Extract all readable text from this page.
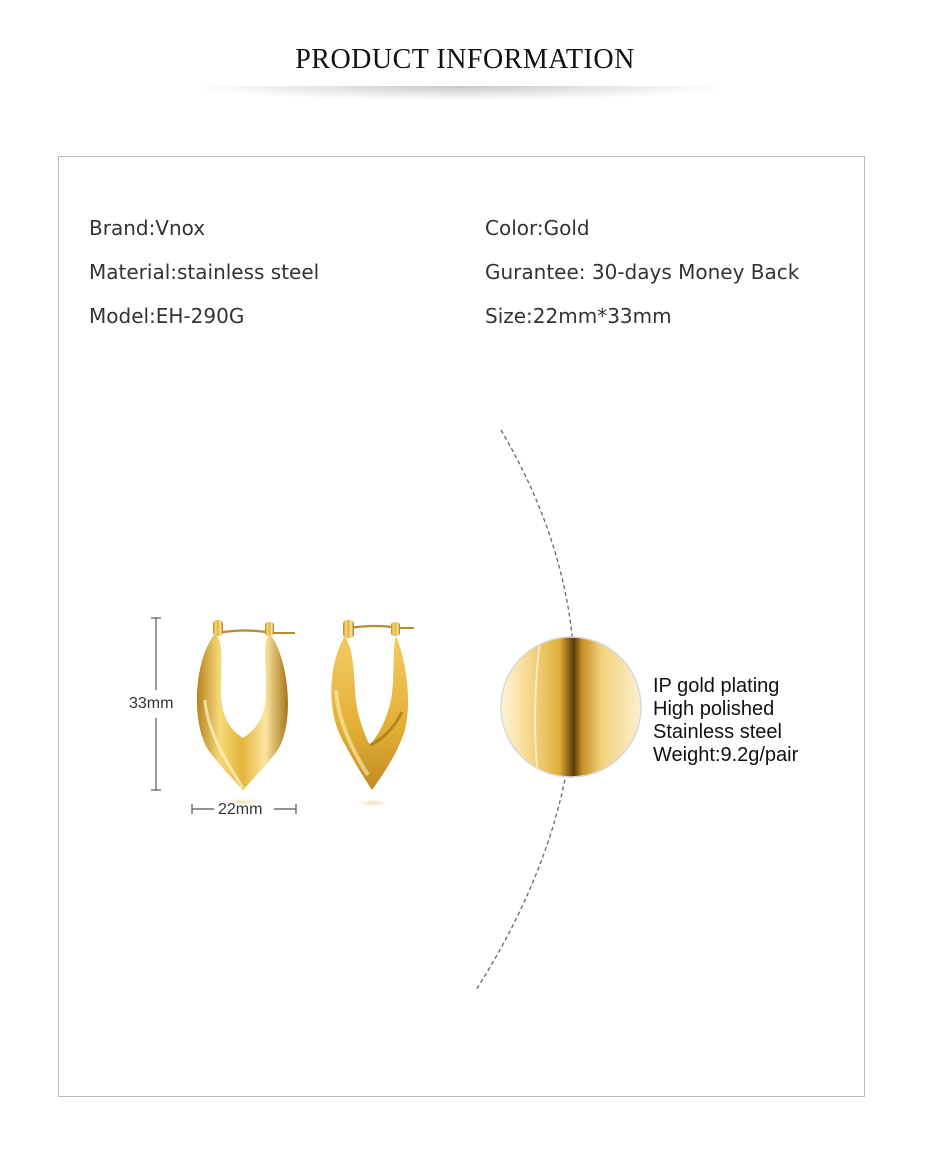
PRODUCT INFORMATION
Brand:Vnox
Material:stainless steel
Model:EH-290G
Color:Gold
Gurantee: 30-days Money Back
Size:22mm*33mm
33mm
22mm
IP gold plating
High polished
Stainless steel
Weight:9.2g/pair
